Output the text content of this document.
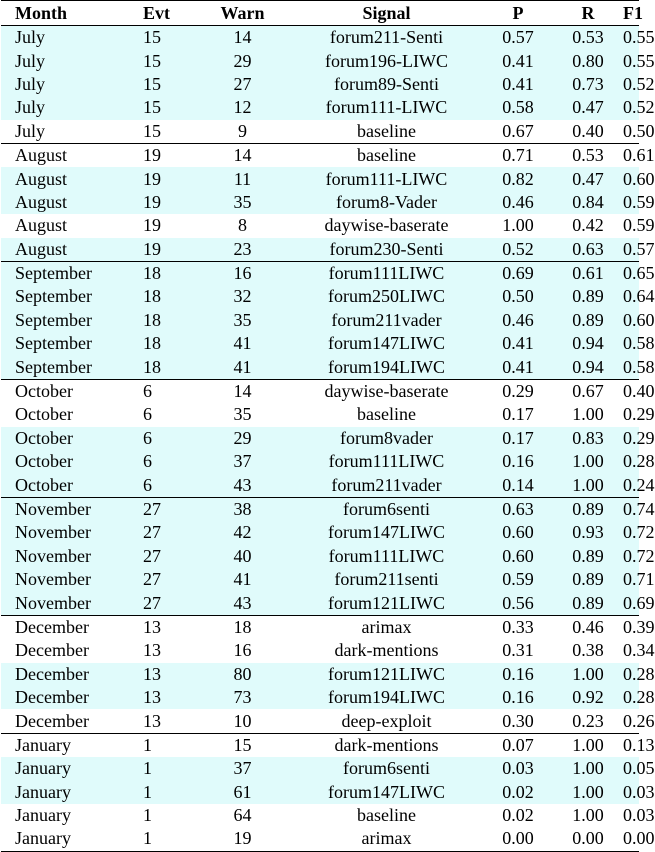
Month	Evt	Warn	Signal	P	R	F1
July	15	14	forum211-Senti	0.57	0.53	0.55
July	15	29	forum196-LIWC	0.41	0.80	0.55
July	15	27	forum89-Senti	0.41	0.73	0.52
July	15	12	forum111-LIWC	0.58	0.47	0.52
July	15	9	baseline	0.67	0.40	0.50
August	19	14	baseline	0.71	0.53	0.61
August	19	11	forum111-LIWC	0.82	0.47	0.60
August	19	35	forum8-Vader	0.46	0.84	0.59
August	19	8	daywise-baserate	1.00	0.42	0.59
August	19	23	forum230-Senti	0.52	0.63	0.57
September	18	16	forum111LIWC	0.69	0.61	0.65
September	18	32	forum250LIWC	0.50	0.89	0.64
September	18	35	forum211vader	0.46	0.89	0.60
September	18	41	forum147LIWC	0.41	0.94	0.58
September	18	41	forum194LIWC	0.41	0.94	0.58
October	6	14	daywise-baserate	0.29	0.67	0.40
October	6	35	baseline	0.17	1.00	0.29
October	6	29	forum8vader	0.17	0.83	0.29
October	6	37	forum111LIWC	0.16	1.00	0.28
October	6	43	forum211vader	0.14	1.00	0.24
November	27	38	forum6senti	0.63	0.89	0.74
November	27	42	forum147LIWC	0.60	0.93	0.72
November	27	40	forum111LIWC	0.60	0.89	0.72
November	27	41	forum211senti	0.59	0.89	0.71
November	27	43	forum121LIWC	0.56	0.89	0.69
December	13	18	arimax	0.33	0.46	0.39
December	13	16	dark-mentions	0.31	0.38	0.34
December	13	80	forum121LIWC	0.16	1.00	0.28
December	13	73	forum194LIWC	0.16	0.92	0.28
December	13	10	deep-exploit	0.30	0.23	0.26
January	1	15	dark-mentions	0.07	1.00	0.13
January	1	37	forum6senti	0.03	1.00	0.05
January	1	61	forum147LIWC	0.02	1.00	0.03
January	1	64	baseline	0.02	1.00	0.03
January	1	19	arimax	0.00	0.00	0.00
